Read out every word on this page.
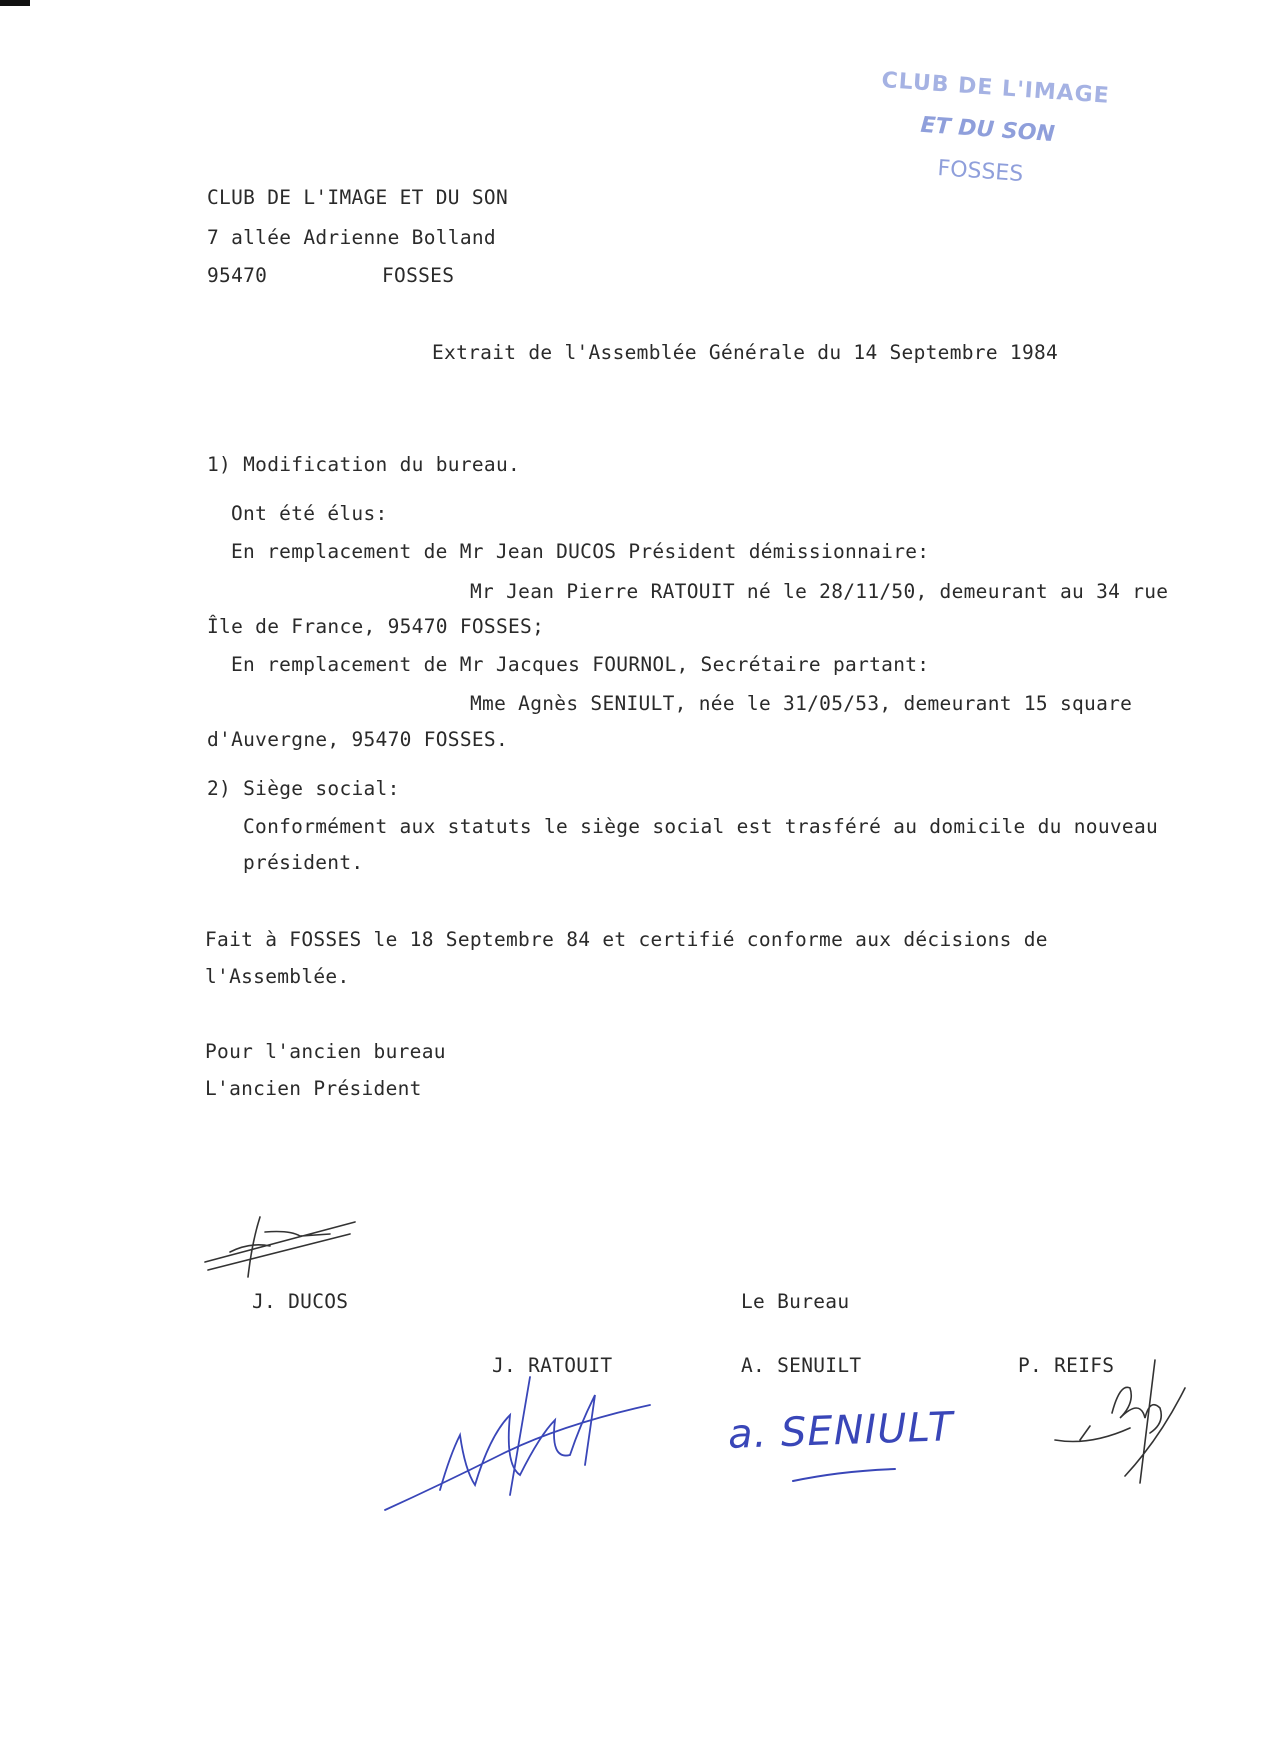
CLUB DE L'IMAGE
ET DU SON
FOSSES
CLUB DE L'IMAGE ET DU SON
7 allée Adrienne Bolland
95470	FOSSES
Extrait de l'Assemblée Générale du 14 Septembre 1984
1) Modification du bureau.
Ont été élus:
En remplacement de Mr Jean DUCOS Président démissionnaire:
Mr Jean Pierre RATOUIT né le 28/11/50, demeurant au 34 rue
Île de France, 95470 FOSSES;
En remplacement de Mr Jacques FOURNOL, Secrétaire partant:
Mme Agnès SENIULT, née le 31/05/53, demeurant 15 square
d'Auvergne, 95470 FOSSES.
2) Siège social:
Conformément aux statuts le siège social est trasféré au domicile du nouveau
président.
Fait à FOSSES le 18 Septembre 84 et certifié conforme aux décisions de
l'Assemblée.
Pour l'ancien bureau
L'ancien Président
J. DUCOS	Le Bureau
J. RATOUIT	A. SENUILT	P. REIFS
a. SENIULT
